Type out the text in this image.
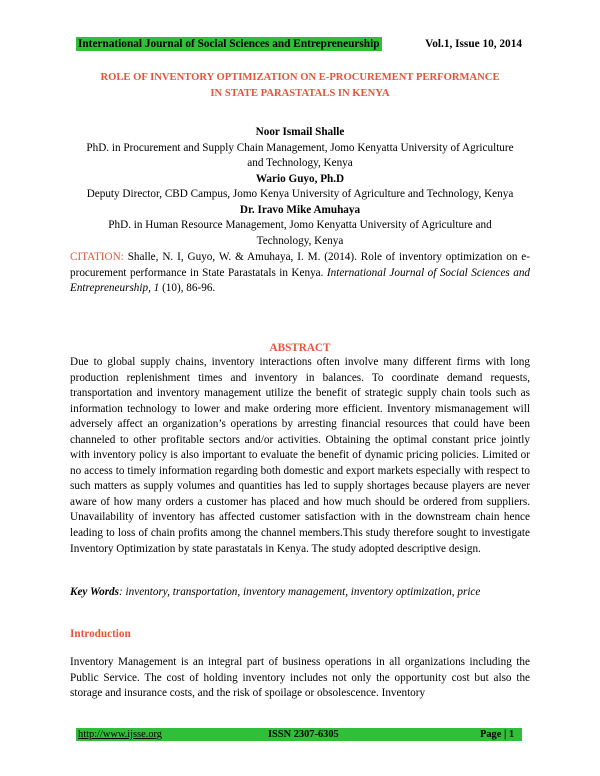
International Journal of Social Sciences and Entrepreneurship	Vol.1, Issue 10, 2014
ROLE OF INVENTORY OPTIMIZATION ON E-PROCUREMENT PERFORMANCE
IN STATE PARASTATALS IN KENYA
Noor Ismail Shalle
PhD. in Procurement and Supply Chain Management, Jomo Kenyatta University of Agriculture
and Technology, Kenya
Wario Guyo, Ph.D
Deputy Director, CBD Campus, Jomo Kenya University of Agriculture and Technology, Kenya
Dr. Iravo Mike Amuhaya
PhD. in Human Resource Management, Jomo Kenyatta University of Agriculture and
Technology, Kenya
CITATION: Shalle, N. I, Guyo, W. & Amuhaya, I. M. (2014). Role of inventory optimization on e-procurement performance in State Parastatals in Kenya. International Journal of Social Sciences and Entrepreneurship, 1 (10), 86-96.
ABSTRACT
Due to global supply chains, inventory interactions often involve many different firms with long production replenishment times and inventory in balances. To coordinate demand requests, transportation and inventory management utilize the benefit of strategic supply chain tools such as information technology to lower and make ordering more efficient. Inventory mismanagement will adversely affect an organization’s operations by arresting financial resources that could have been channeled to other profitable sectors and/or activities. Obtaining the optimal constant price jointly with inventory policy is also important to evaluate the benefit of dynamic pricing policies. Limited or no access to timely information regarding both domestic and export markets especially with respect to such matters as supply volumes and quantities has led to supply shortages because players are never aware of how many orders a customer has placed and how much should be ordered from suppliers. Unavailability of inventory has affected customer satisfaction with in the downstream chain hence leading to loss of chain profits among the channel members.This study therefore sought to investigate Inventory Optimization by state parastatals in Kenya. The study adopted descriptive design.
Key Words: inventory, transportation, inventory management, inventory optimization, price
Introduction
Inventory Management is an integral part of business operations in all organizations including the Public Service. The cost of holding inventory includes not only the opportunity cost but also the storage and insurance costs, and the risk of spoilage or obsolescence. Inventory
http://www.ijsse.org	ISSN 2307-6305	Page | 1
